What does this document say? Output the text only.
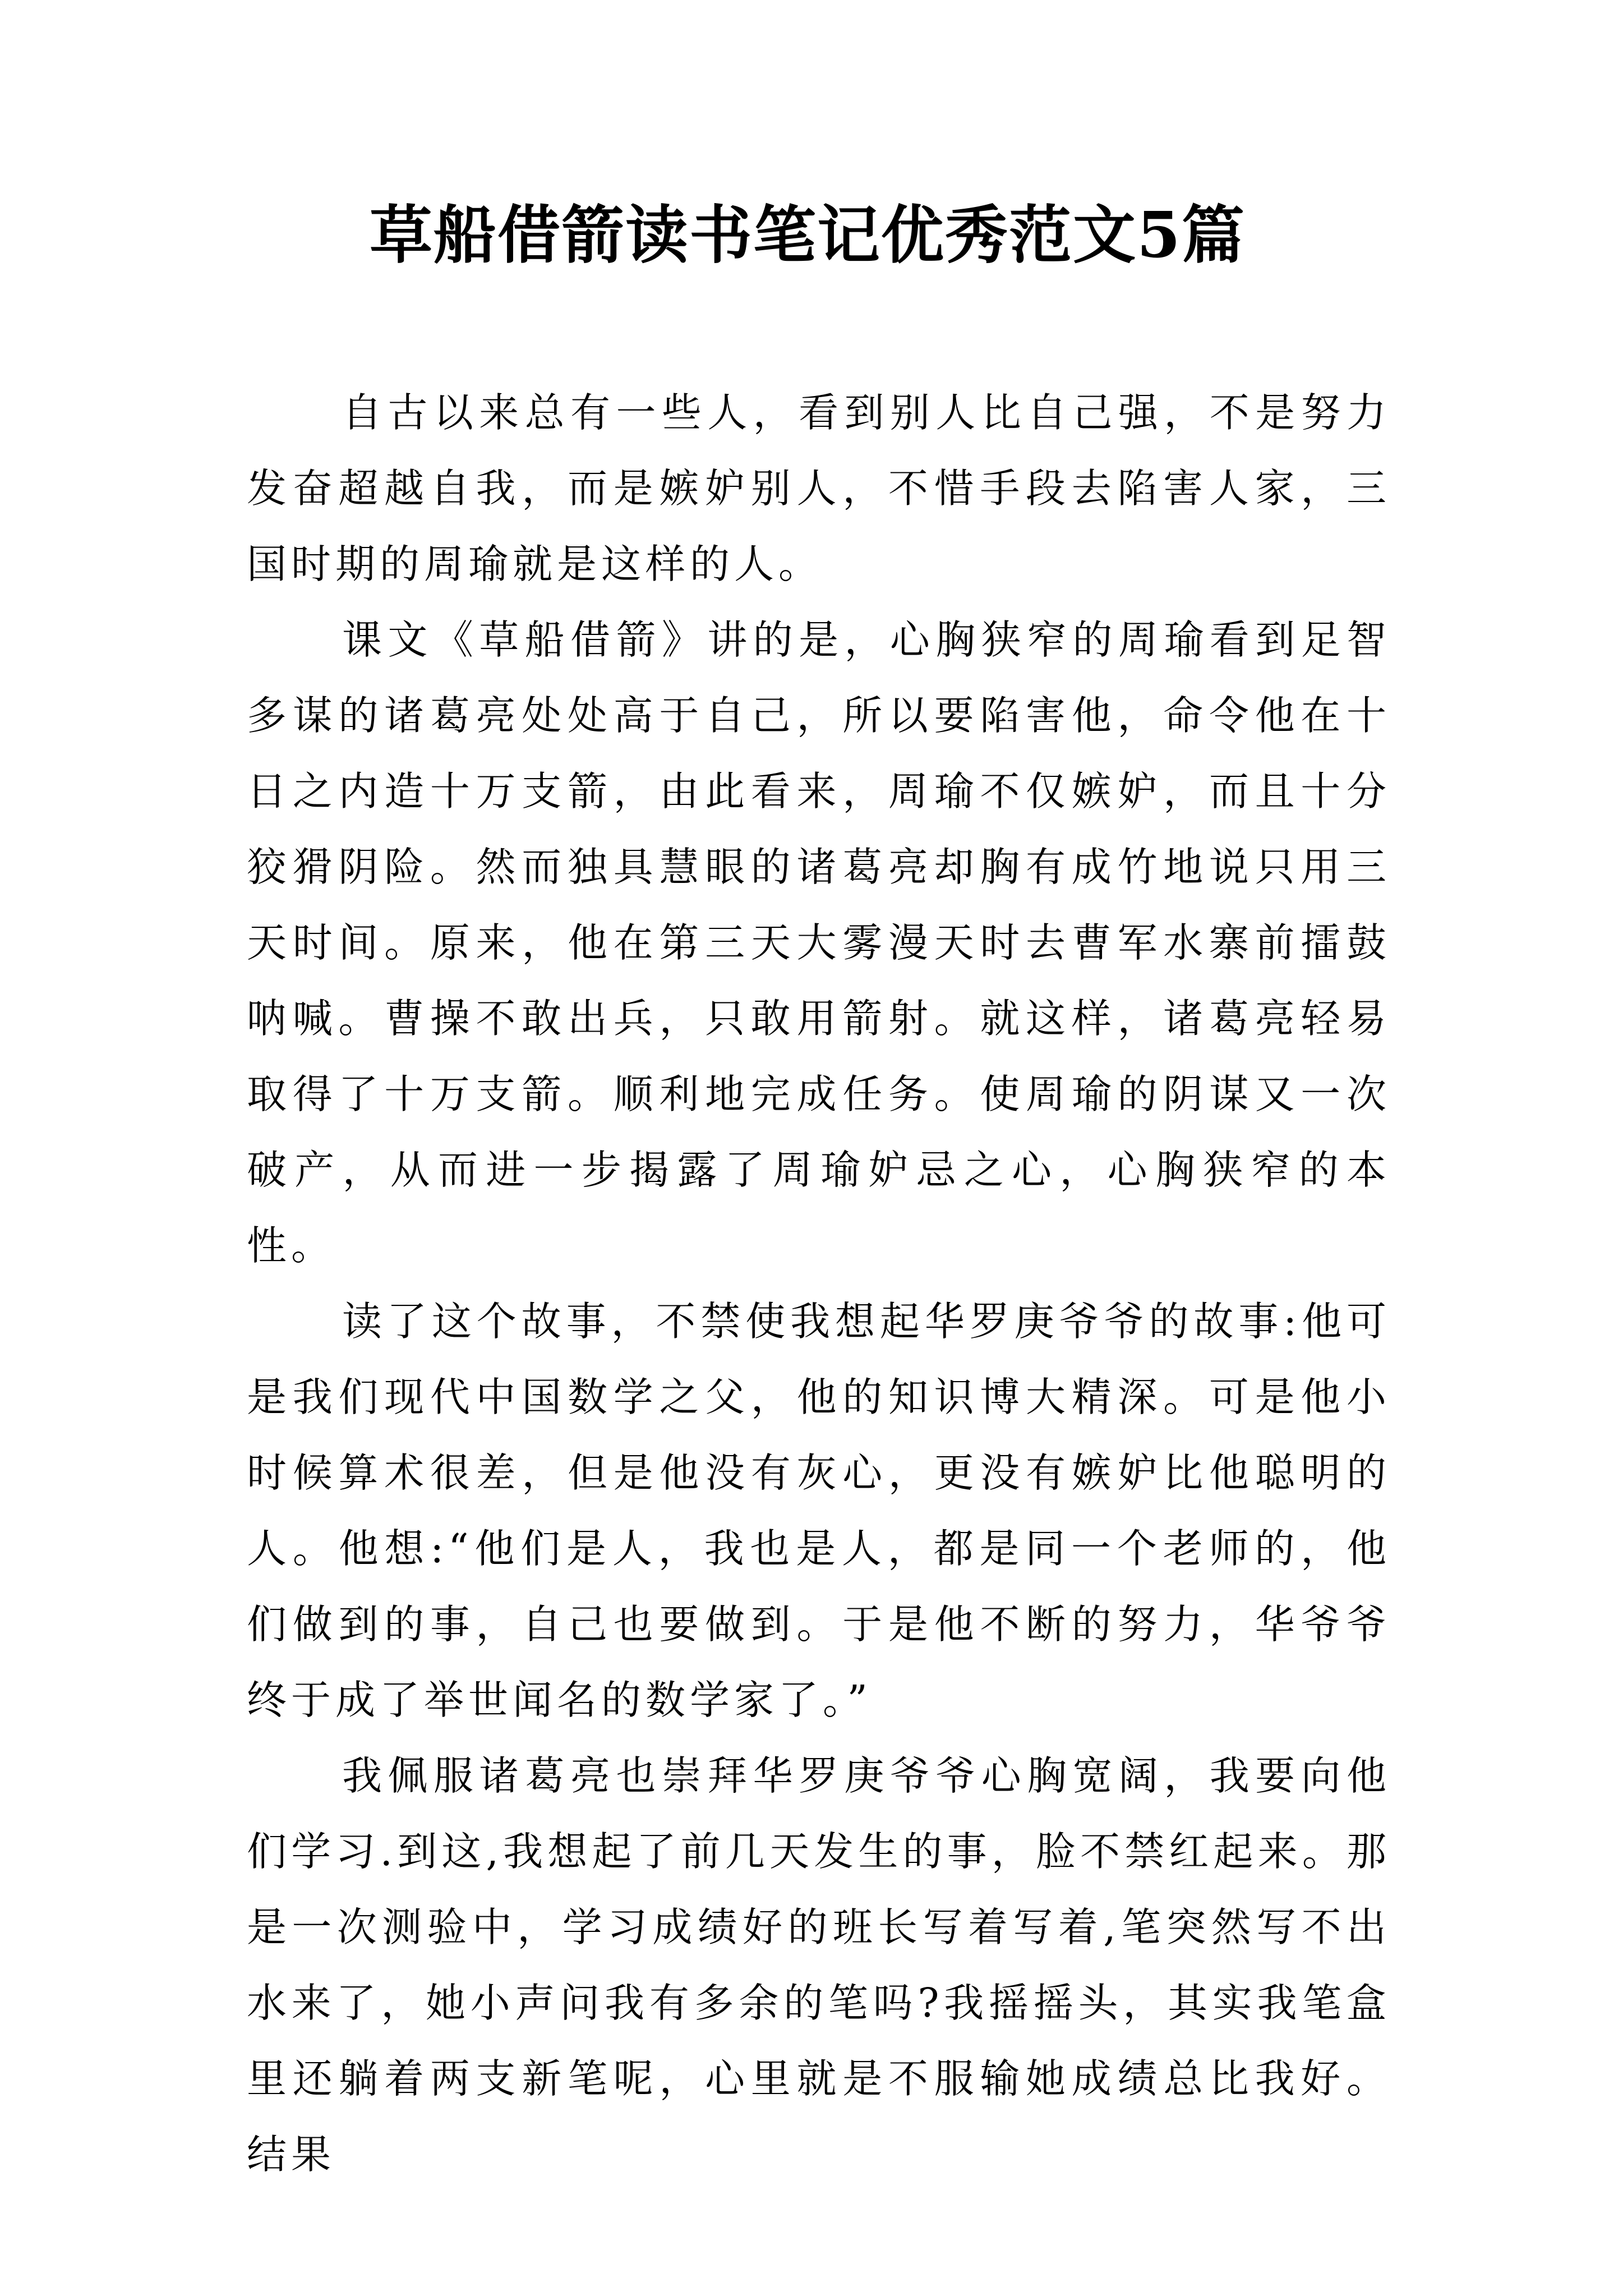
草船借箭读书笔记优秀范文5篇

自古以来总有一些人，看到别人比自己强，不是努力发奋超越自我，而是嫉妒别人，不惜手段去陷害人家，三国时期的周瑜就是这样的人。

课文《草船借箭》讲的是，心胸狭窄的周瑜看到足智多谋的诸葛亮处处高于自己，所以要陷害他，命令他在十日之内造十万支箭，由此看来，周瑜不仅嫉妒，而且十分狡猾阴险。然而独具慧眼的诸葛亮却胸有成竹地说只用三天时间。原来，他在第三天大雾漫天时去曹军水寨前擂鼓呐喊。曹操不敢出兵，只敢用箭射。就这样，诸葛亮轻易取得了十万支箭。顺利地完成任务。使周瑜的阴谋又一次破产，从而进一步揭露了周瑜妒忌之心，心胸狭窄的本性。

读了这个故事，不禁使我想起华罗庚爷爷的故事:他可是我们现代中国数学之父，他的知识博大精深。可是他小时候算术很差，但是他没有灰心，更没有嫉妒比他聪明的人。他想:“他们是人，我也是人，都是同一个老师的，他们做到的事，自己也要做到。于是他不断的努力，华爷爷终于成了举世闻名的数学家了。”

我佩服诸葛亮也崇拜华罗庚爷爷心胸宽阔，我要向他们学习.到这,我想起了前几天发生的事，脸不禁红起来。那是一次测验中，学习成绩好的班长写着写着,笔突然写不出水来了，她小声问我有多余的笔吗?我摇摇头，其实我笔盒里还躺着两支新笔呢，心里就是不服输她成绩总比我好。结果
